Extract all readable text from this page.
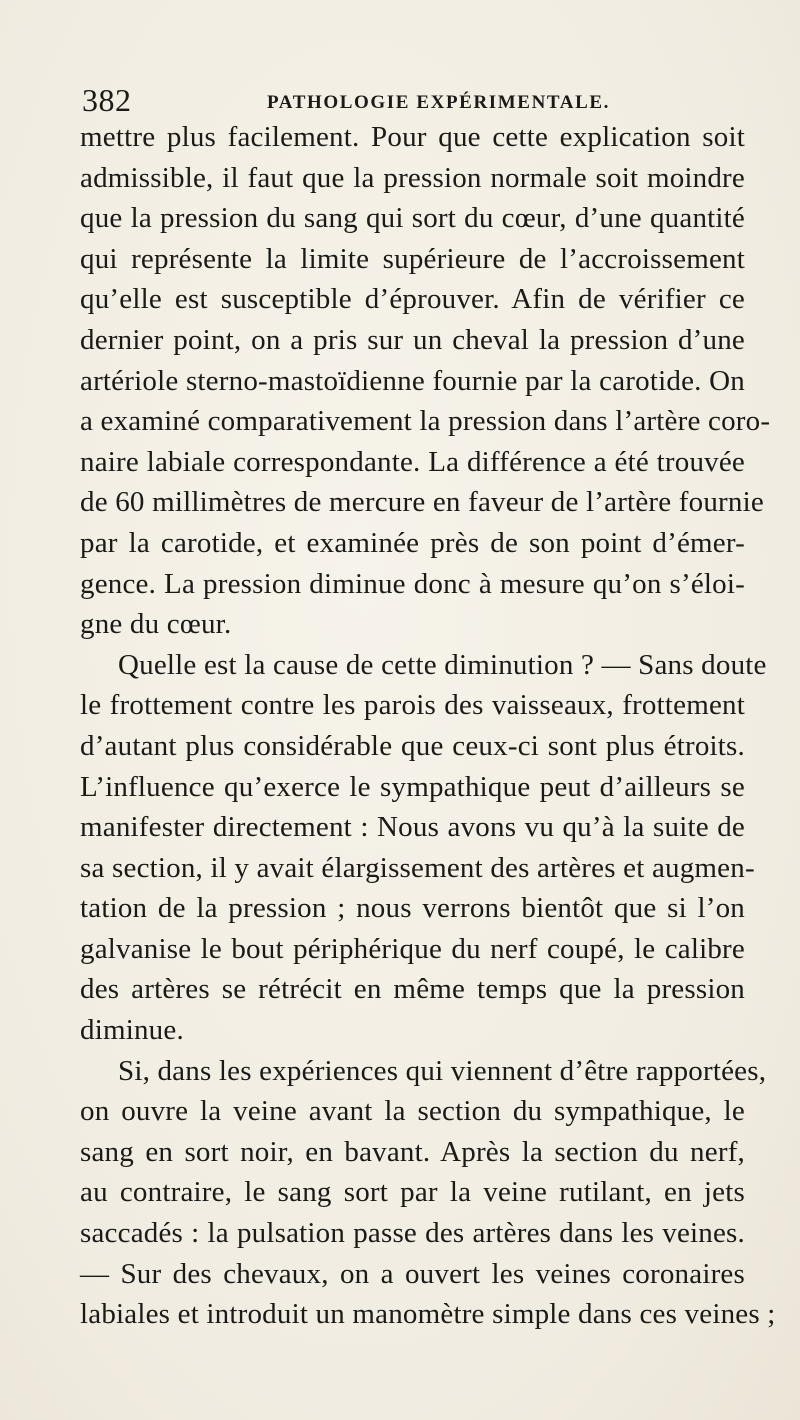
382	PATHOLOGIE EXPÉRIMENTALE.
mettre plus facilement. Pour que cette explication soit
admissible, il faut que la pression normale soit moindre
que la pression du sang qui sort du cœur, d’une quantité
qui représente la limite supérieure de l’accroissement
qu’elle est susceptible d’éprouver. Afin de vérifier ce
dernier point, on a pris sur un cheval la pression d’une
artériole sterno-mastoïdienne fournie par la carotide. On
a examiné comparativement la pression dans l’artère coro-
naire labiale correspondante. La différence a été trouvée
de 60 millimètres de mercure en faveur de l’artère fournie
par la carotide, et examinée près de son point d’émer-
gence. La pression diminue donc à mesure qu’on s’éloi-
gne du cœur.
Quelle est la cause de cette diminution ? — Sans doute
le frottement contre les parois des vaisseaux, frottement
d’autant plus considérable que ceux-ci sont plus étroits.
L’influence qu’exerce le sympathique peut d’ailleurs se
manifester directement : Nous avons vu qu’à la suite de
sa section, il y avait élargissement des artères et augmen-
tation de la pression ; nous verrons bientôt que si l’on
galvanise le bout périphérique du nerf coupé, le calibre
des artères se rétrécit en même temps que la pression
diminue.
Si, dans les expériences qui viennent d’être rapportées,
on ouvre la veine avant la section du sympathique, le
sang en sort noir, en bavant. Après la section du nerf,
au contraire, le sang sort par la veine rutilant, en jets
saccadés : la pulsation passe des artères dans les veines.
— Sur des chevaux, on a ouvert les veines coronaires
labiales et introduit un manomètre simple dans ces veines ;
